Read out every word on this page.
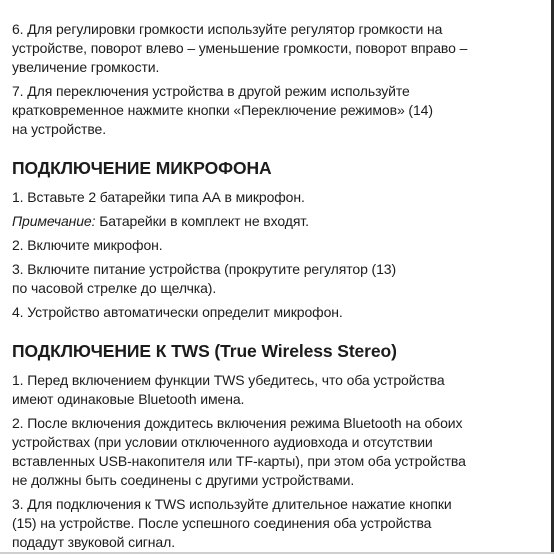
6. Для регулировки громкости используйте регулятор громкости на
устройстве, поворот влево – уменьшение громкости, поворот вправо –
увеличение громкости.

7. Для переключения устройства в другой режим используйте
кратковременное нажмите кнопки «Переключение режимов» (14)
на устройстве.

ПОДКЛЮЧЕНИЕ МИКРОФОНА

1. Вставьте 2 батарейки типа АА в микрофон.

Примечание: Батарейки в комплект не входят.

2. Включите микрофон.

3. Включите питание устройства (прокрутите регулятор (13)
по часовой стрелке до щелчка).

4. Устройство автоматически определит микрофон.

ПОДКЛЮЧЕНИЕ К TWS (True Wireless Stereo)

1. Перед включением функции TWS убедитесь, что оба устройства
имеют одинаковые Bluetooth имена.

2. После включения дождитесь включения режима Bluetooth на обоих
устройствах (при условии отключенного аудиовхода и отсутствии
вставленных USB-накопителя или TF-карты), при этом оба устройства
не должны быть соединены с другими устройствами.

3. Для подключения к TWS используйте длительное нажатие кнопки
(15) на устройстве. После успешного соединения оба устройства
подадут звуковой сигнал.
